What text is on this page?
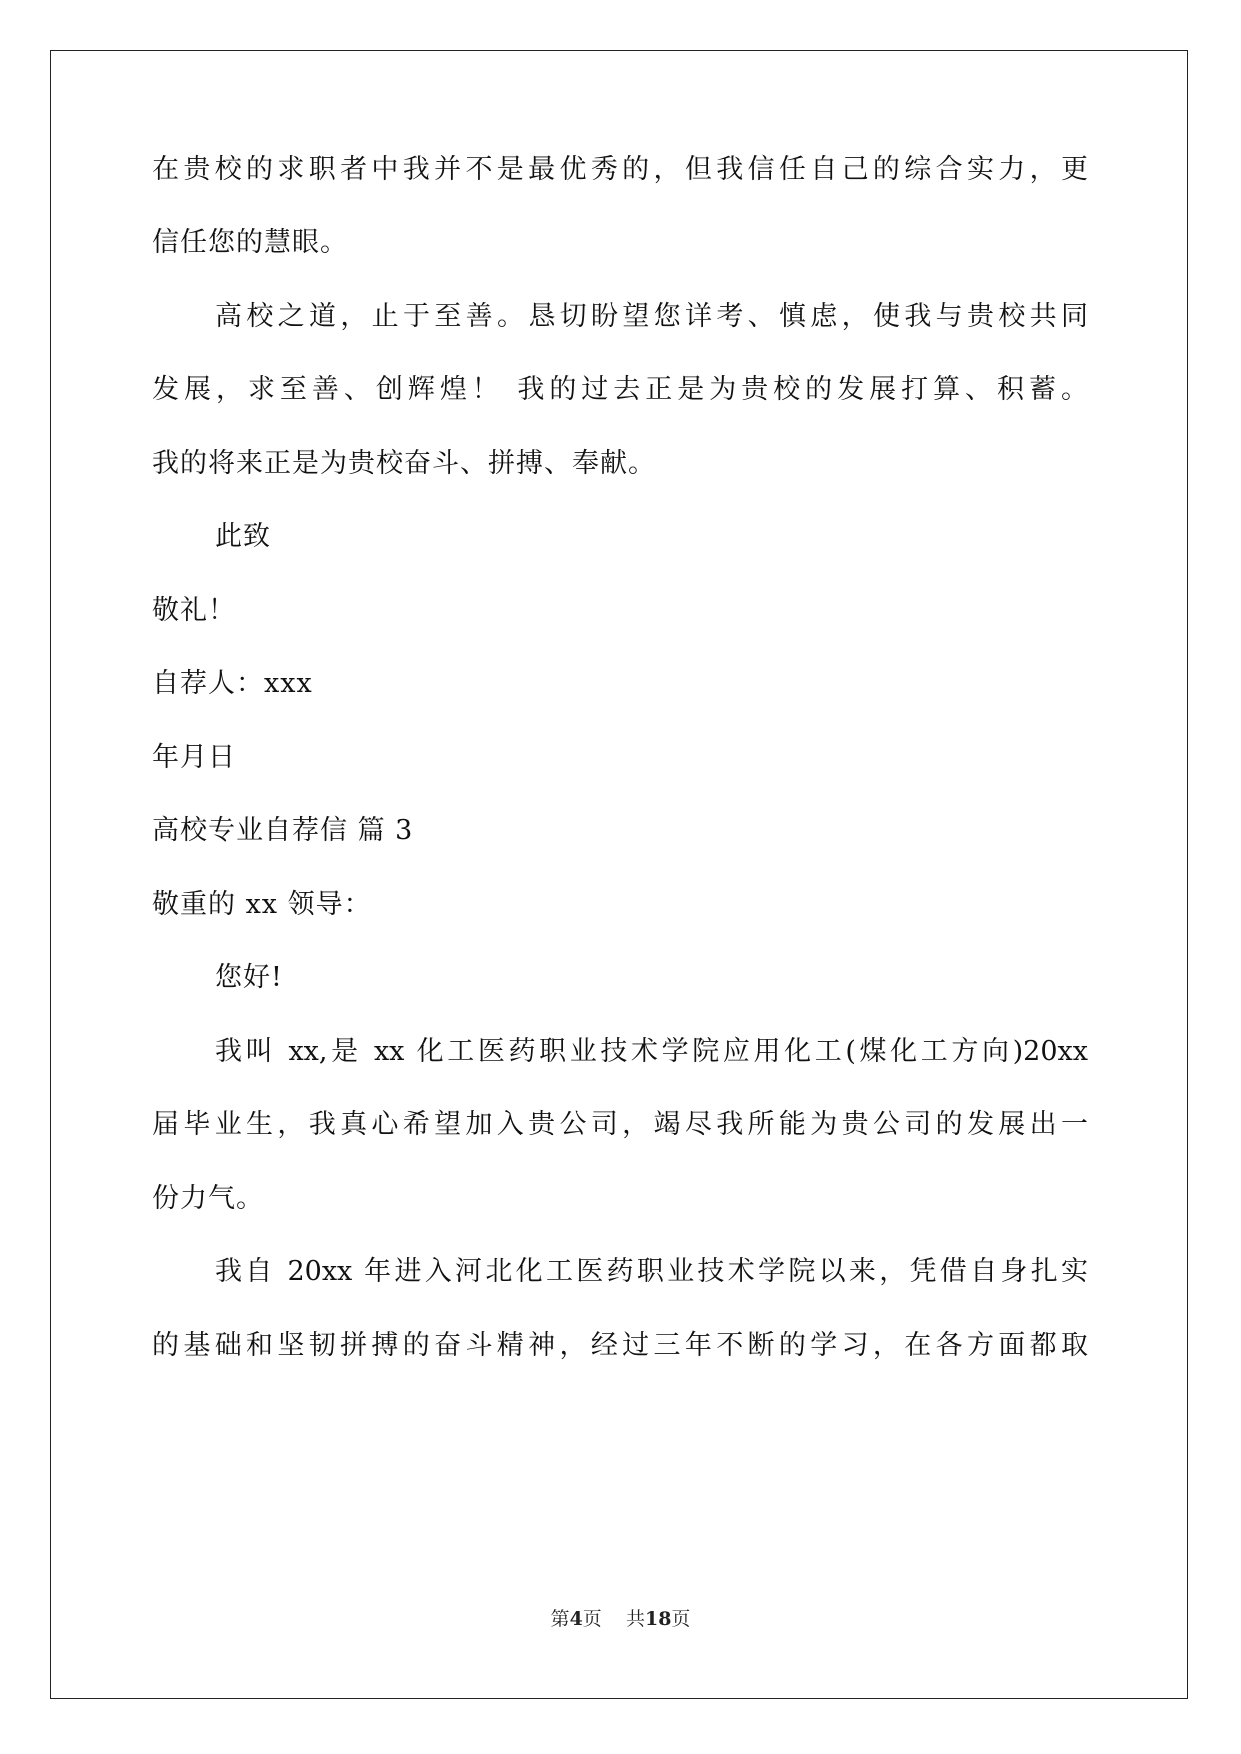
在贵校的求职者中我并不是最优秀的，但我信任自己的综合实力，更
信任您的慧眼。
高校之道，止于至善。恳切盼望您详考、慎虑，使我与贵校共同
发展，求至善、创辉煌！ 我的过去正是为贵校的发展打算、积蓄。
我的将来正是为贵校奋斗、拼搏、奉献。
此致
敬礼！
自荐人：xxx
年月日
高校专业自荐信 篇 3
敬重的 xx 领导：
您好!
我叫 xx,是 xx 化工医药职业技术学院应用化工(煤化工方向)20xx
届毕业生，我真心希望加入贵公司，竭尽我所能为贵公司的发展出一
份力气。
我自 20xx 年进入河北化工医药职业技术学院以来，凭借自身扎实
的基础和坚韧拼搏的奋斗精神，经过三年不断的学习，在各方面都取
第4页    共18页
